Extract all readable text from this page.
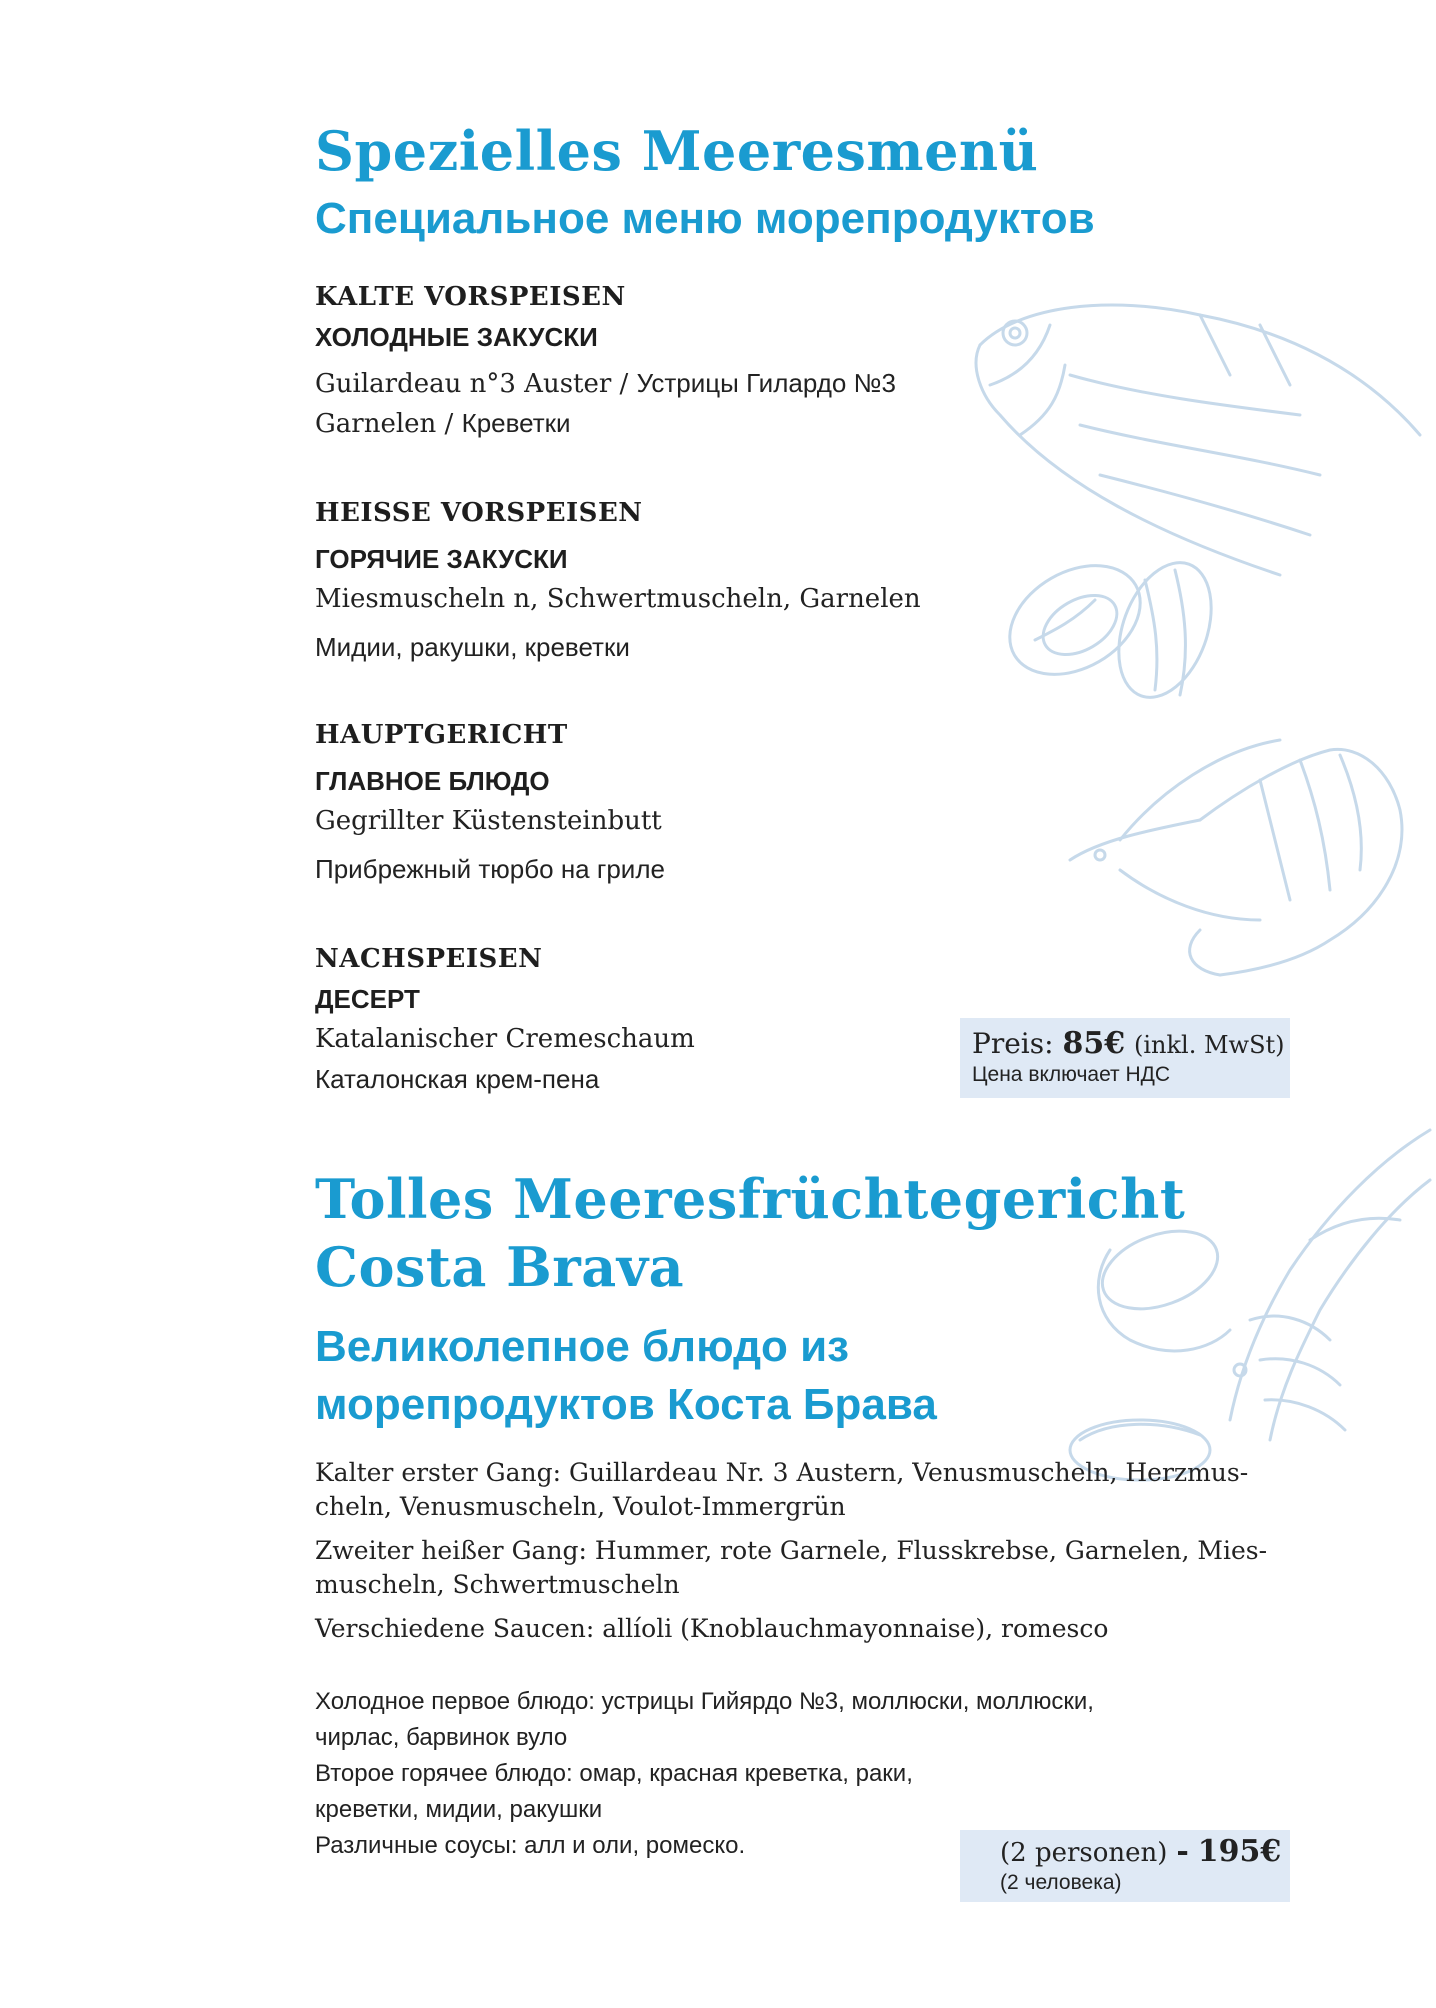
Spezielles Meeresmenü
Специальное меню морепродуктов
KALTE VORSPEISEN
ХОЛОДНЫЕ ЗАКУСКИ
Guilardeau n°3 Auster / Устрицы Гилардо №3
Garnelen / Креветки
HEISSE VORSPEISEN
ГОРЯЧИЕ ЗАКУСКИ
Miesmuscheln n, Schwertmuscheln, Garnelen
Мидии, ракушки, креветки
HAUPTGERICHT
ГЛАВНОЕ БЛЮДО
Gegrillter Küstensteinbutt
Прибрежный тюрбо на гриле
NACHSPEISEN
ДЕСЕРТ
Katalanischer Cremeschaum
Каталонская крем-пена
Preis: 85€ (inkl. MwSt)
Цена включает НДС
Tolles Meeresfrüchtegericht
Costa Brava
Великолепное блюдо из
морепродуктов Коста Брава
Kalter erster Gang: Guillardeau Nr. 3 Austern, Venusmuscheln, Herzmus-
cheln, Venusmuscheln, Voulot-Immergrün
Zweiter heißer Gang: Hummer, rote Garnele, Flusskrebse, Garnelen, Mies-
muscheln, Schwertmuscheln
Verschiedene Saucen: allíoli (Knoblauchmayonnaise), romesco
Холодное первое блюдо: устрицы Гийярдо №3, моллюски, моллюски,
чирлас, барвинок вуло
Второе горячее блюдо: омар, красная креветка, раки,
креветки, мидии, ракушки
Различные соусы: алл и оли, ромеско.	(2 personen) - 195€
(2 человека)
